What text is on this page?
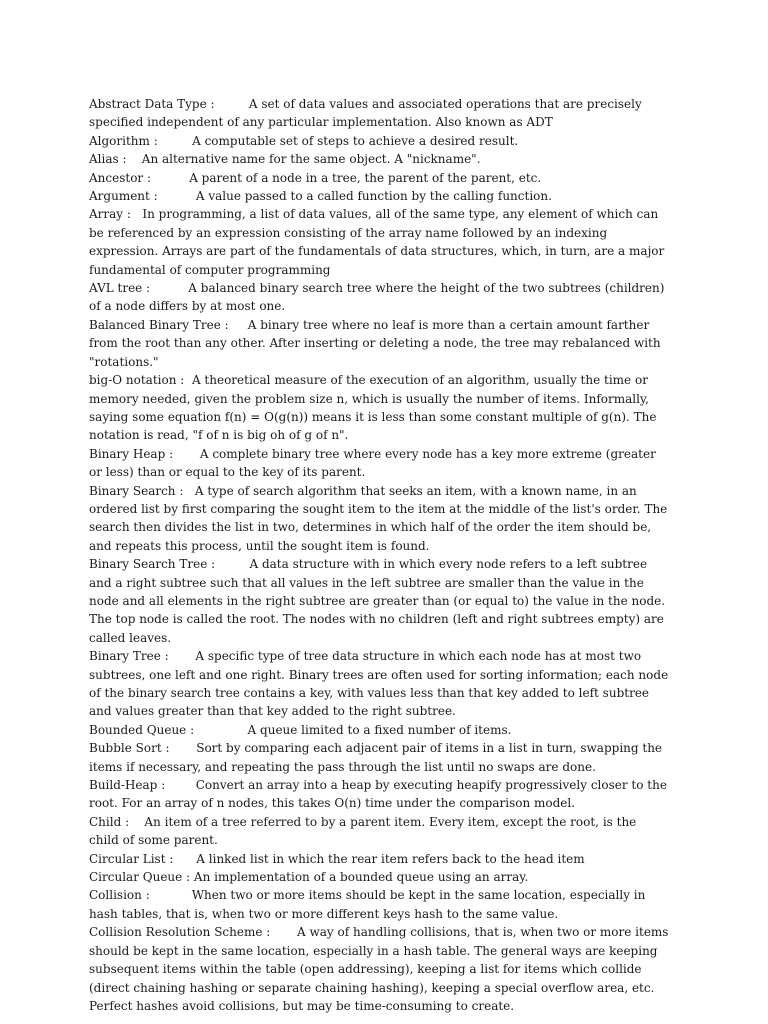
Abstract Data Type :         A set of data values and associated operations that are precisely specified independent of any particular implementation. Also known as ADT

Algorithm :         A computable set of steps to achieve a desired result.

Alias :    An alternative name for the same object. A "nickname".

Ancestor :          A parent of a node in a tree, the parent of the parent, etc.

Argument :          A value passed to a called function by the calling function.

Array :   In programming, a list of data values, all of the same type, any element of which can be referenced by an expression consisting of the array name followed by an indexing expression. Arrays are part of the fundamentals of data structures, which, in turn, are a major fundamental of computer programming

AVL tree :          A balanced binary search tree where the height of the two subtrees (children) of a node differs by at most one.

Balanced Binary Tree :     A binary tree where no leaf is more than a certain amount farther from the root than any other. After inserting or deleting a node, the tree may rebalanced with "rotations."

big-O notation :  A theoretical measure of the execution of an algorithm, usually the time or memory needed, given the problem size n, which is usually the number of items. Informally, saying some equation f(n) = O(g(n)) means it is less than some constant multiple of g(n). The notation is read, "f of n is big oh of g of n".

Binary Heap :       A complete binary tree where every node has a key more extreme (greater or less) than or equal to the key of its parent.

Binary Search :   A type of search algorithm that seeks an item, with a known name, in an ordered list by first comparing the sought item to the item at the middle of the list's order. The search then divides the list in two, determines in which half of the order the item should be, and repeats this process, until the sought item is found.

Binary Search Tree :         A data structure with in which every node refers to a left subtree and a right subtree such that all values in the left subtree are smaller than the value in the node and all elements in the right subtree are greater than (or equal to) the value in the node. The top node is called the root. The nodes with no children (left and right subtrees empty) are called leaves.

Binary Tree :       A specific type of tree data structure in which each node has at most two subtrees, one left and one right. Binary trees are often used for sorting information; each node of the binary search tree contains a key, with values less than that key added to left subtree and values greater than that key added to the right subtree.

Bounded Queue :              A queue limited to a fixed number of items.

Bubble Sort :       Sort by comparing each adjacent pair of items in a list in turn, swapping the items if necessary, and repeating the pass through the list until no swaps are done.

Build-Heap :        Convert an array into a heap by executing heapify progressively closer to the root. For an array of n nodes, this takes O(n) time under the comparison model.

Child :    An item of a tree referred to by a parent item. Every item, except the root, is the child of some parent.

Circular List :      A linked list in which the rear item refers back to the head item

Circular Queue : An implementation of a bounded queue using an array.

Collision :           When two or more items should be kept in the same location, especially in hash tables, that is, when two or more different keys hash to the same value.

Collision Resolution Scheme :       A way of handling collisions, that is, when two or more items should be kept in the same location, especially in a hash table. The general ways are keeping subsequent items within the table (open addressing), keeping a list for items which collide (direct chaining hashing or separate chaining hashing), keeping a special overflow area, etc. Perfect hashes avoid collisions, but may be time-consuming to create.
